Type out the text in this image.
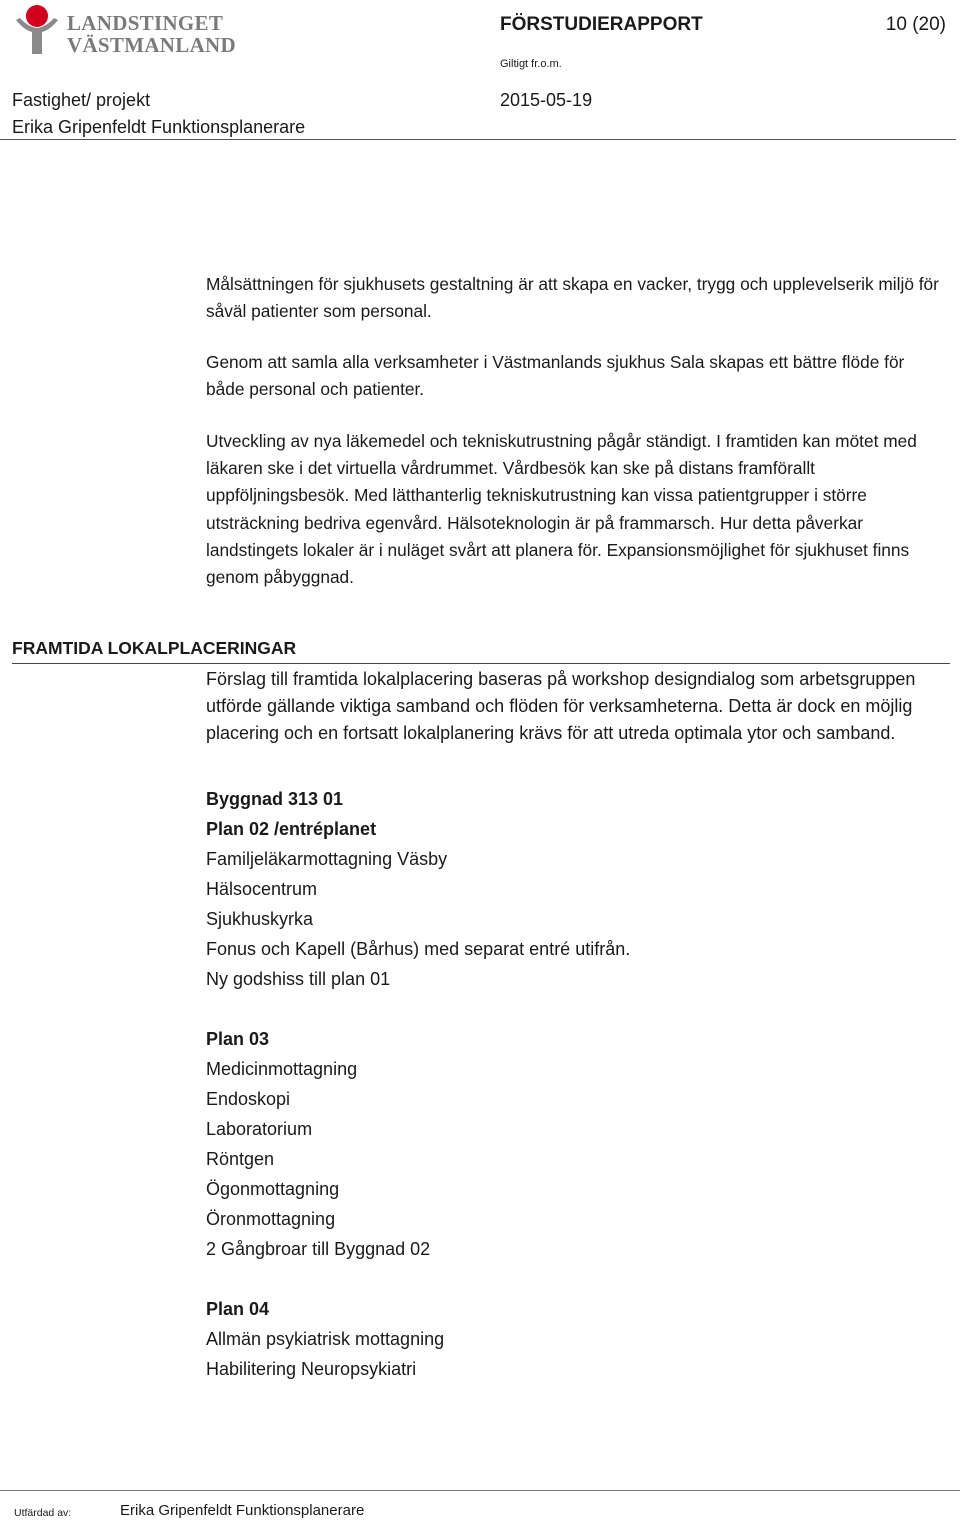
LANDSTINGET
VÄSTMANLAND
FÖRSTUDIERAPPORT	10 (20)
Giltigt fr.o.m.
Fastighet/ projekt
Erika Gripenfeldt Funktionsplanerare
2015-05-19
Målsättningen för sjukhusets gestaltning är att skapa en vacker, trygg och upplevelserik miljö för såväl patienter som personal.
Genom att samla alla verksamheter i Västmanlands sjukhus Sala skapas ett bättre flöde för både personal och patienter.
Utveckling av nya läkemedel och tekniskutrustning pågår ständigt. I framtiden kan mötet med läkaren ske i det virtuella vårdrummet. Vårdbesök kan ske på distans framförallt uppföljningsbesök. Med lätthanterlig tekniskutrustning kan vissa patientgrupper i större utsträckning bedriva egenvård. Hälsoteknologin är på frammarsch. Hur detta påverkar landstingets lokaler är i nuläget svårt att planera för. Expansionsmöjlighet för sjukhuset finns genom påbyggnad.
FRAMTIDA LOKALPLACERINGAR
Förslag till framtida lokalplacering baseras på workshop designdialog som arbetsgruppen utförde gällande viktiga samband och flöden för verksamheterna. Detta är dock en möjlig placering och en fortsatt lokalplanering krävs för att utreda optimala ytor och samband.
Byggnad 313 01
Plan 02 /entréplanet
Familjeläkarmottagning Väsby
Hälsocentrum
Sjukhuskyrka
Fonus och Kapell (Bårhus) med separat entré utifrån.
Ny godshiss till plan 01
Plan 03
Medicinmottagning
Endoskopi
Laboratorium
Röntgen
Ögonmottagning
Öronmottagning
2 Gångbroar till Byggnad 02
Plan 04
Allmän psykiatrisk mottagning
Habilitering Neuropsykiatri
Utfärdad av:	Erika Gripenfeldt Funktionsplanerare
